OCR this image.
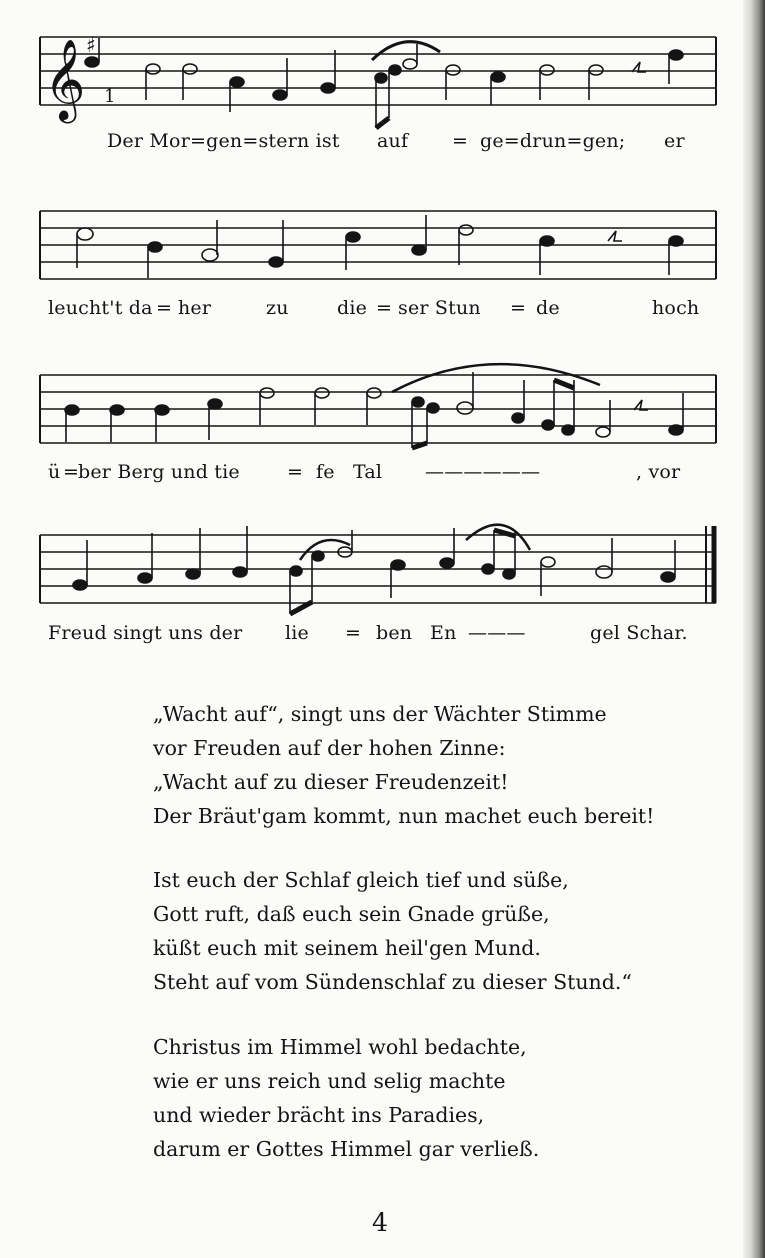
𝄞 ♯
Der Mor=gen=stern ist auf = ge=drun=gen; er
1
leucht't da = her	zu	die = ser Stun = de	hoch
ü =
ber Berg und tie = fe Tal ——————	, vor
Freud singt uns der lie = ben En ———	gel Schar.
„Wacht auf“, singt uns der Wächter Stimme
vor Freuden auf der hohen Zinne:
„Wacht auf zu dieser Freudenzeit!
Der Bräut'gam kommt, nun machet euch bereit!
Ist euch der Schlaf gleich tief und süße,
Gott ruft, daß euch sein Gnade grüße,
küßt euch mit seinem heil'gen Mund.
Steht auf vom Sündenschlaf zu dieser Stund.“
Christus im Himmel wohl bedachte,
wie er uns reich und selig machte
und wieder brächt ins Paradies,
darum er Gottes Himmel gar verließ.
4
